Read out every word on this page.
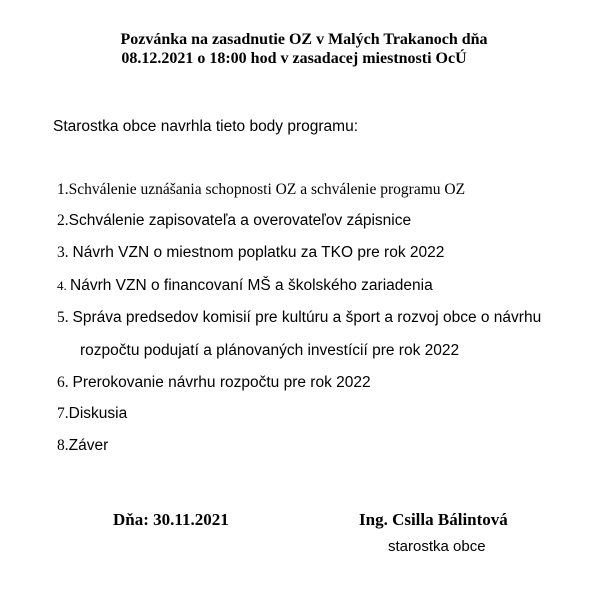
Pozvánka na zasadnutie OZ v Malých Trakanoch dňa
08.12.2021 o 18:00 hod v zasadacej miestnosti OcÚ
Starostka obce navrhla tieto body programu:
1.Schválenie uznášania schopnosti OZ a schválenie programu OZ
2.Schválenie zapisovateľa a overovateľov zápisnice
3. Návrh VZN o miestnom poplatku za TKO pre rok 2022
4. Návrh VZN o financovaní MŠ a školského zariadenia
5. Správa predsedov komisií pre kultúru a šport a rozvoj obce o návrhu
rozpočtu podujatí a plánovaných investícií pre rok 2022
6. Prerokovanie návrhu rozpočtu pre rok 2022
7.Diskusia
8.Záver
Dňa: 30.11.2021	Ing. Csilla Bálintová
starostka obce
